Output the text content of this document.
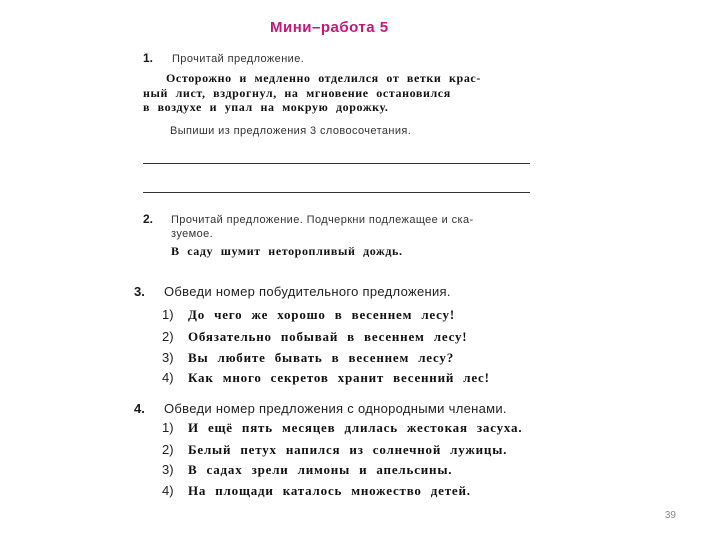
Мини–работа 5
1. Прочитай предложение.
Осторожно и медленно отделился от ветки крас-
ный лист, вздрогнул, на мгновение остановился
в воздухе и упал на мокрую дорожку.
Выпиши из предложения 3 словосочетания.
2. Прочитай предложение. Подчеркни подлежащее и ска-
зуемое.
В саду шумит неторопливый дождь.
3. Обведи номер побудительного предложения.
1) До чего же хорошо в весеннем лесу!
2) Обязательно побывай в весеннем лесу!
3) Вы любите бывать в весеннем лесу?
4) Как много секретов хранит весенний лес!
4. Обведи номер предложения с однородными членами.
1) И ещё пять месяцев длилась жестокая засуха.
2) Белый петух напился из солнечной лужицы.
3) В садах зрели лимоны и апельсины.
4) На площади каталось множество детей.
39
